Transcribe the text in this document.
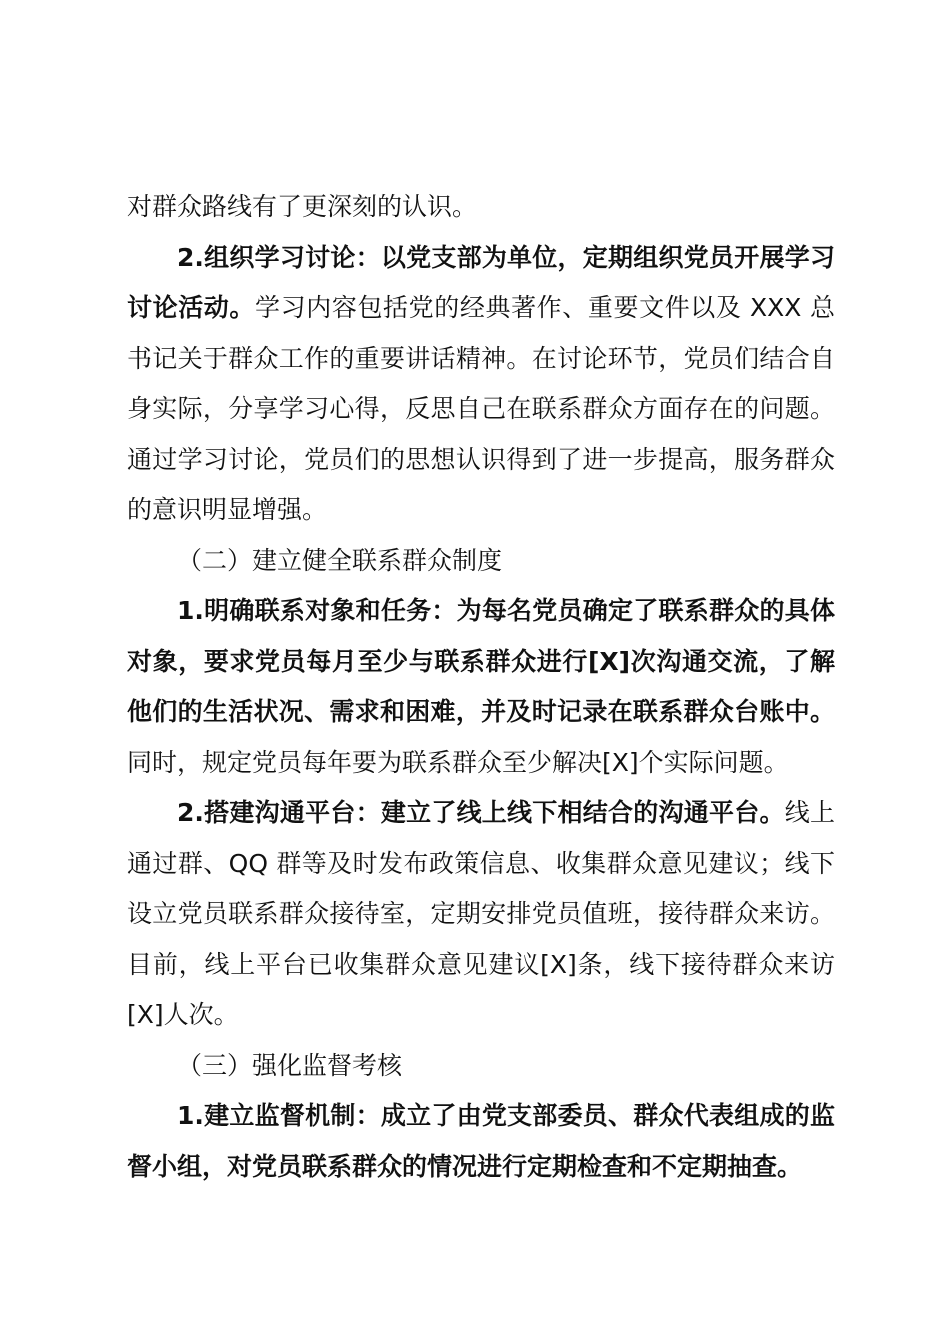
对群众路线有了更深刻的认识。

2.组织学习讨论：以党支部为单位，定期组织党员开展学习讨论活动。学习内容包括党的经典著作、重要文件以及 XXX 总书记关于群众工作的重要讲话精神。在讨论环节，党员们结合自身实际，分享学习心得，反思自己在联系群众方面存在的问题。通过学习讨论，党员们的思想认识得到了进一步提高，服务群众的意识明显增强。

（二）建立健全联系群众制度

1.明确联系对象和任务：为每名党员确定了联系群众的具体对象，要求党员每月至少与联系群众进行[X]次沟通交流，了解他们的生活状况、需求和困难，并及时记录在联系群众台账中。同时，规定党员每年要为联系群众至少解决[X]个实际问题。

2.搭建沟通平台：建立了线上线下相结合的沟通平台。线上通过群、QQ 群等及时发布政策信息、收集群众意见建议；线下设立党员联系群众接待室，定期安排党员值班，接待群众来访。目前，线上平台已收集群众意见建议[X]条，线下接待群众来访[X]人次。

（三）强化监督考核

1.建立监督机制：成立了由党支部委员、群众代表组成的监督小组，对党员联系群众的情况进行定期检查和不定期抽查。
